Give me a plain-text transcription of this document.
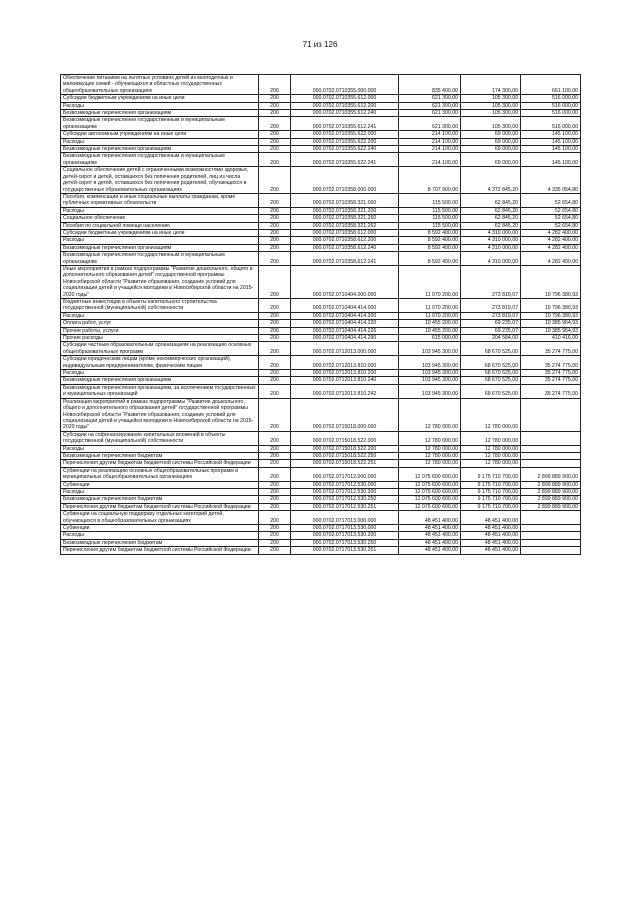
71 из 126
Обеспечение питанием на льготных условиях детей из многодетных и малоимущих семей - обучающихся в областных государственных общеобразовательных организациях	200	000.0702.0710355.000.000	835 400,00	174 300,00	661 100,00
Субсидии бюджетным учреждениям на иные цели	200	000.0702.0710355.612.000	621 300,00	105 300,00	516 000,00
Расходы	200	000.0702.0710355.612.200	621 300,00	105 300,00	516 000,00
Безвозмездные перечисления организациям	200	000.0702.0710355.612.240	621 300,00	105 300,00	516 000,00
Безвозмездные перечисления государственным и муниципальным организациям	200	000.0702.0710355.612.241	621 300,00	105 300,00	516 000,00
Субсидии автономным учреждениям на иные цели	200	000.0702.0710355.622.000	214 100,00	69 000,00	145 100,00
Расходы	200	000.0702.0710355.622.200	214 100,00	69 000,00	145 100,00
Безвозмездные перечисления организациям	200	000.0702.0710355.622.240	214 100,00	69 000,00	145 100,00
Безвозмездные перечисления государственным и муниципальным организациям	200	000.0702.0710355.622.241	214 100,00	69 000,00	145 100,00
Социальное обеспечение детей с ограниченными возможностями здоровья, детей-сирот и детей, оставшихся без попечения родителей, лиц из числа детей-сирот и детей, оставшихся без попечения родителей, обучающихся в государственных образовательных организациях	200	000.0702.0710358.000.000	8 707 900,00	4 372 845,20	4 335 054,80
Пособия, компенсации и иные социальные выплаты гражданам, кроме публичных нормативных обязательств	200	000.0702.0710358.321.000	115 500,00	62 845,20	52 654,80
Расходы	200	000.0702.0710358.321.200	115 500,00	62 845,20	52 654,80
Социальное обеспечение	200	000.0702.0710358.321.260	115 500,00	62 845,20	52 654,80
Пособия по социальной помощи населению	200	000.0702.0710358.321.262	115 500,00	62 845,20	52 654,80
Субсидии бюджетным учреждениям на иные цели	200	000.0702.0710358.612.000	8 592 400,00	4 310 000,00	4 282 400,00
Расходы	200	000.0702.0710358.612.200	8 592 400,00	4 310 000,00	4 282 400,00
Безвозмездные перечисления организациям	200	000.0702.0710358.612.240	8 592 400,00	4 310 000,00	4 282 400,00
Безвозмездные перечисления государственным и муниципальным организациям	200	000.0702.0710358.612.241	8 592 400,00	4 310 000,00	4 282 400,00
Иные мероприятия в рамках подпрограммы "Развитие дошкольного, общего и дополнительного образования детей" государственной программы Новосибирской области "Развитие образования, создание условий для социализации детей и учащейся молодежи в Новосибирской области на 2015-2020 годы"	200	000.0702.0710404.000.000	11 070 200,00	273 819,07	10 796 380,93
Бюджетные инвестиции в объекты капитального строительства государственной (муниципальной) собственности	200	000.0702.0710404.414.000	11 070 200,00	273 819,07	10 796 380,93
Расходы	200	000.0702.0710404.414.200	11 070 200,00	273 819,07	10 796 380,93
Оплата работ, услуг	200	000.0702.0710404.414.220	10 455 200,00	69 235,07	10 385 964,93
Прочие работы, услуги	200	000.0702.0710404.414.226	10 455 200,00	69 235,07	10 385 964,93
Прочие расходы	200	000.0702.0710404.414.290	615 000,00	204 584,00	410 416,00
Субсидии частным образовательным организациям на реализацию основных общеобразовательных программ	200	000.0702.0712013.000.000	103 945 300,00	68 670 525,00	35 274 775,00
Субсидии юридическим лицам (кроме некоммерческих организаций), индивидуальным предпринимателям, физическим лицам	200	000.0702.0712013.810.000	103 945 300,00	68 670 525,00	35 274 775,00
Расходы	200	000.0702.0712013.810.200	103 945 300,00	68 670 525,00	35 274 775,00
Безвозмездные перечисления организациям	200	000.0702.0712013.810.240	103 945 300,00	68 670 525,00	35 274 775,00
Безвозмездные перечисления организациям, за исключением государственных и муниципальных организаций	200	000.0702.0712013.810.242	103 945 300,00	68 670 525,00	35 274 775,00
Реализация мероприятий в рамках подпрограммы "Развитие дошкольного, общего и дополнительного образования детей" государственной программы Новосибирской области "Развитие образования, создание условий для социализации детей и учащейся молодежи в Новосибирской области на 2015-2020 годы"	200	000.0702.0715018.000.000	12 780 000,00	12 780 000,00	
Субсидии на софинансирование капитальных вложений в объекты государственной (муниципальной) собственности	200	000.0702.0715018.522.000	12 780 000,00	12 780 000,00	
Расходы	200	000.0702.0715018.522.200	12 780 000,00	12 780 000,00	
Безвозмездные перечисления бюджетам	200	000.0702.0715018.522.250	12 780 000,00	12 780 000,00	
Перечисления другим бюджетам бюджетной системы Российской Федерации	200	000.0702.0715018.522.251	12 780 000,00	12 780 000,00	
Субвенции на реализацию основных общеобразовательных программ в муниципальных общеобразовательных организациях	200	000.0702.0717012.000.000	12 075 600 600,00	9 175 710 700,00	2 899 889 900,00
Субвенции	200	000.0702.0717012.530.000	12 075 600 600,00	9 175 710 700,00	2 899 889 900,00
Расходы	200	000.0702.0717012.530.200	12 075 600 600,00	9 175 710 700,00	2 899 889 900,00
Безвозмездные перечисления бюджетам	200	000.0702.0717012.530.250	12 075 600 600,00	9 175 710 700,00	2 899 889 900,00
Перечисления другим бюджетам бюджетной системы Российской Федерации	200	000.0702.0717012.530.251	12 075 600 600,00	9 175 710 700,00	2 899 889 900,00
Субвенции на социальную поддержку отдельных категорий детей, обучающихся в общеобразовательных организациях	200	000.0702.0717013.000.000	48 451 400,00	48 451 400,00	
Субвенции	200	000.0702.0717013.530.000	48 451 400,00	48 451 400,00	
Расходы	200	000.0702.0717013.530.200	48 451 400,00	48 451 400,00	
Безвозмездные перечисления бюджетам	200	000.0702.0717013.530.250	48 451 400,00	48 451 400,00	
Перечисления другим бюджетам бюджетной системы Российской Федерации	200	000.0702.0717013.530.251	48 451 400,00	48 451 400,00	
